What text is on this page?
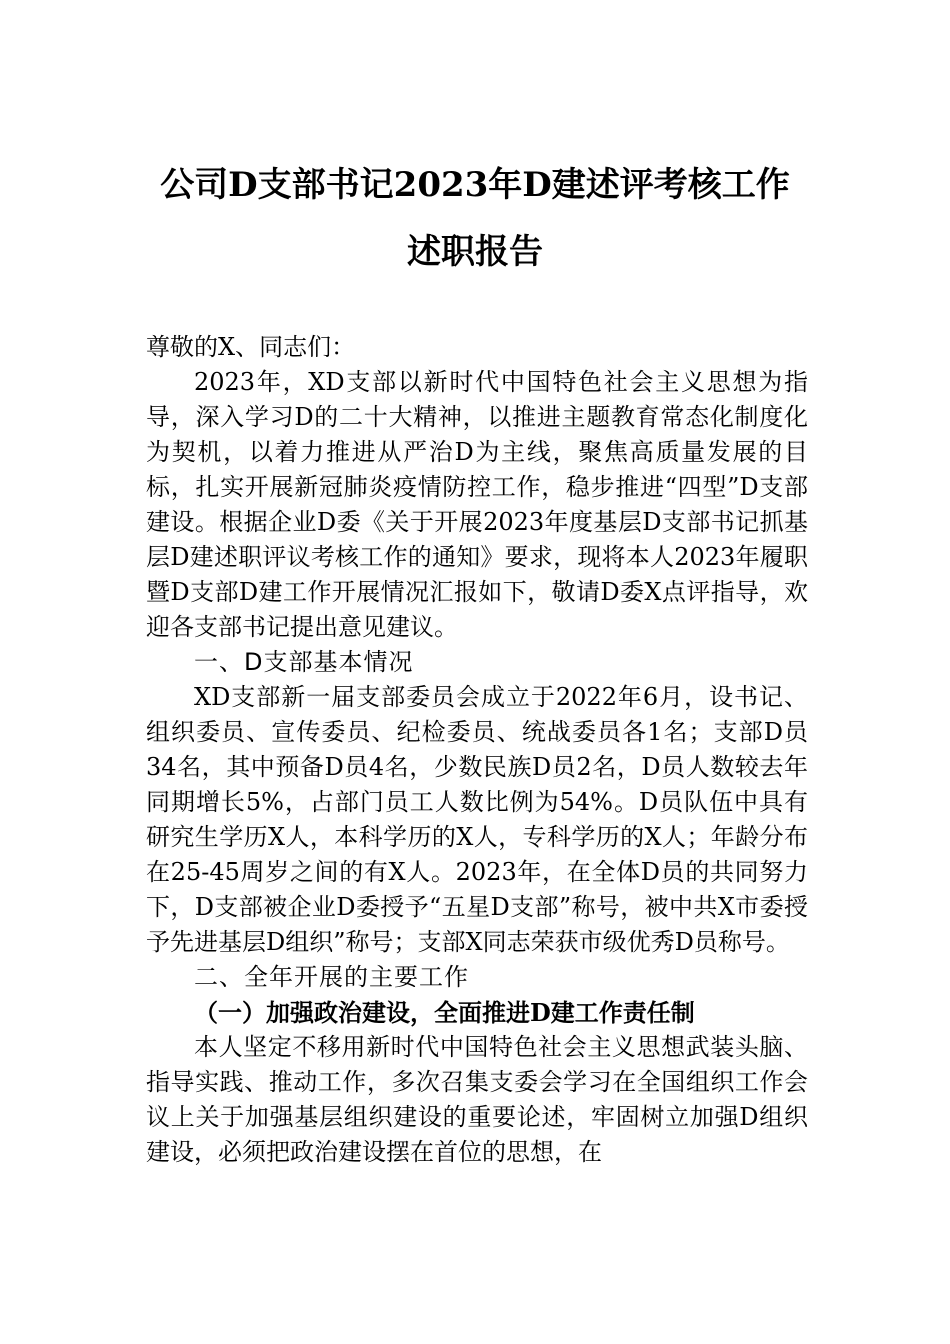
公司D支部书记2023年D建述评考核工作
述职报告

尊敬的X、同志们：

2023年，XD支部以新时代中国特色社会主义思想为指导，深入学习D的二十大精神，以推进主题教育常态化制度化为契机，以着力推进从严治D为主线，聚焦高质量发展的目标，扎实开展新冠肺炎疫情防控工作，稳步推进“四型”D支部建设。根据企业D委《关于开展2023年度基层D支部书记抓基层D建述职评议考核工作的通知》要求，现将本人2023年履职暨D支部D建工作开展情况汇报如下，敬请D委X点评指导，欢迎各支部书记提出意见建议。

一、D支部基本情况

XD支部新一届支部委员会成立于2022年6月，设书记、组织委员、宣传委员、纪检委员、统战委员各1名；支部D员34名，其中预备D员4名，少数民族D员2名，D员人数较去年同期增长5%，占部门员工人数比例为54%。D员队伍中具有研究生学历X人，本科学历的X人，专科学历的X人；年龄分布在25-45周岁之间的有X人。2023年，在全体D员的共同努力下，D支部被企业D委授予“五星D支部”称号，被中共X市委授予先进基层D组织”称号；支部X同志荣获市级优秀D员称号。

二、全年开展的主要工作

（一）加强政治建设，全面推进D建工作责任制

本人坚定不移用新时代中国特色社会主义思想武装头脑、指导实践、推动工作，多次召集支委会学习在全国组织工作会议上关于加强基层组织建设的重要论述，牢固树立加强D组织建设，必须把政治建设摆在首位的思想，在
